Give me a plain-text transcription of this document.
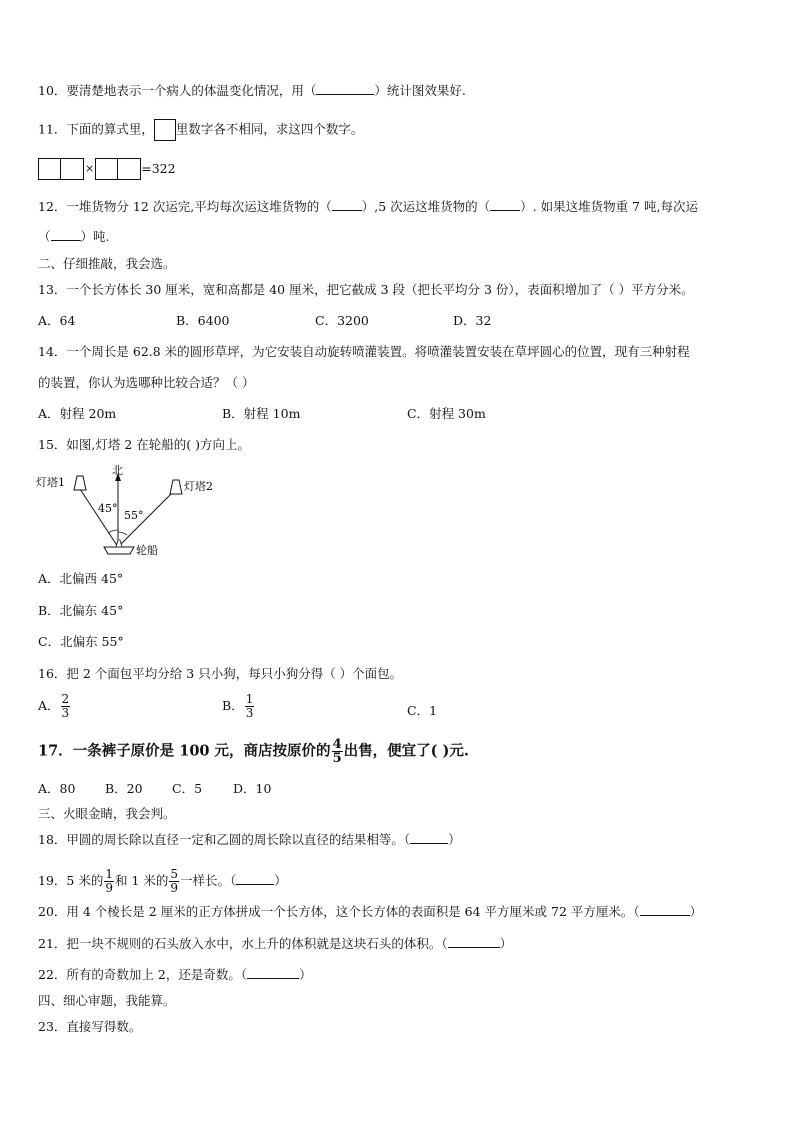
10．要清楚地表示一个病人的体温变化情况，用（	）统计图效果好.
11．下面的算式里， 里数字各不相同，求这四个数字。
×	=322
12．一堆货物分 12 次运完,平均每次运这堆货物的（ ）,5 次运这堆货物的（ ）. 如果这堆货物重 7 吨,每次运
（ ）吨.
二、仔细推敲，我会选。
13．一个长方体长 30 厘米，宽和高都是 40 厘米，把它截成 3 段（把长平均分 3 份），表面积增加了（ ）平方分米。
A．64	B．6400	C．3200	D．32
14．一个周长是 62.8 米的圆形草坪，为它安装自动旋转喷灌装置。将喷灌装置安装在草坪圆心的位置，现有三种射程
的装置，你认为选哪种比较合适？（ ）
A．射程 20m	B．射程 10m	C．射程 30m
15．如图,灯塔 2 在轮船的( )方向上。
北
45°
55°
灯塔1	灯塔2
轮船
A．北偏西 45°
B．北偏东 45°
C．北偏东 55°
16．把 2 个面包平均分给 3 只小狗，每只小狗分得（ ）个面包。
A． $\frac{2}{3}$	B． $\frac{1}{3}$	C．1
17．一条裤子原价是 100 元，商店按原价的 $\frac{4}{5}$ 出售，便宜了( )元.
A．80 B．20 C．5 D．10
三、火眼金睛，我会判。
18．甲圆的周长除以直径一定和乙圆的周长除以直径的结果相等。（	）
19．5 米的 $\frac{1}{9}$ 和 1 米的 $\frac{5}{9}$ 一样长。（	）
20．用 4 个棱长是 2 厘米的正方体拼成一个长方体，这个长方体的表面积是 64 平方厘米或 72 平方厘米。（	）
21．把一块不规则的石头放入水中，水上升的体积就是这块石头的体积。（	）
22．所有的奇数加上 2，还是奇数。（	）
四、细心审题，我能算。
23．直接写得数。
